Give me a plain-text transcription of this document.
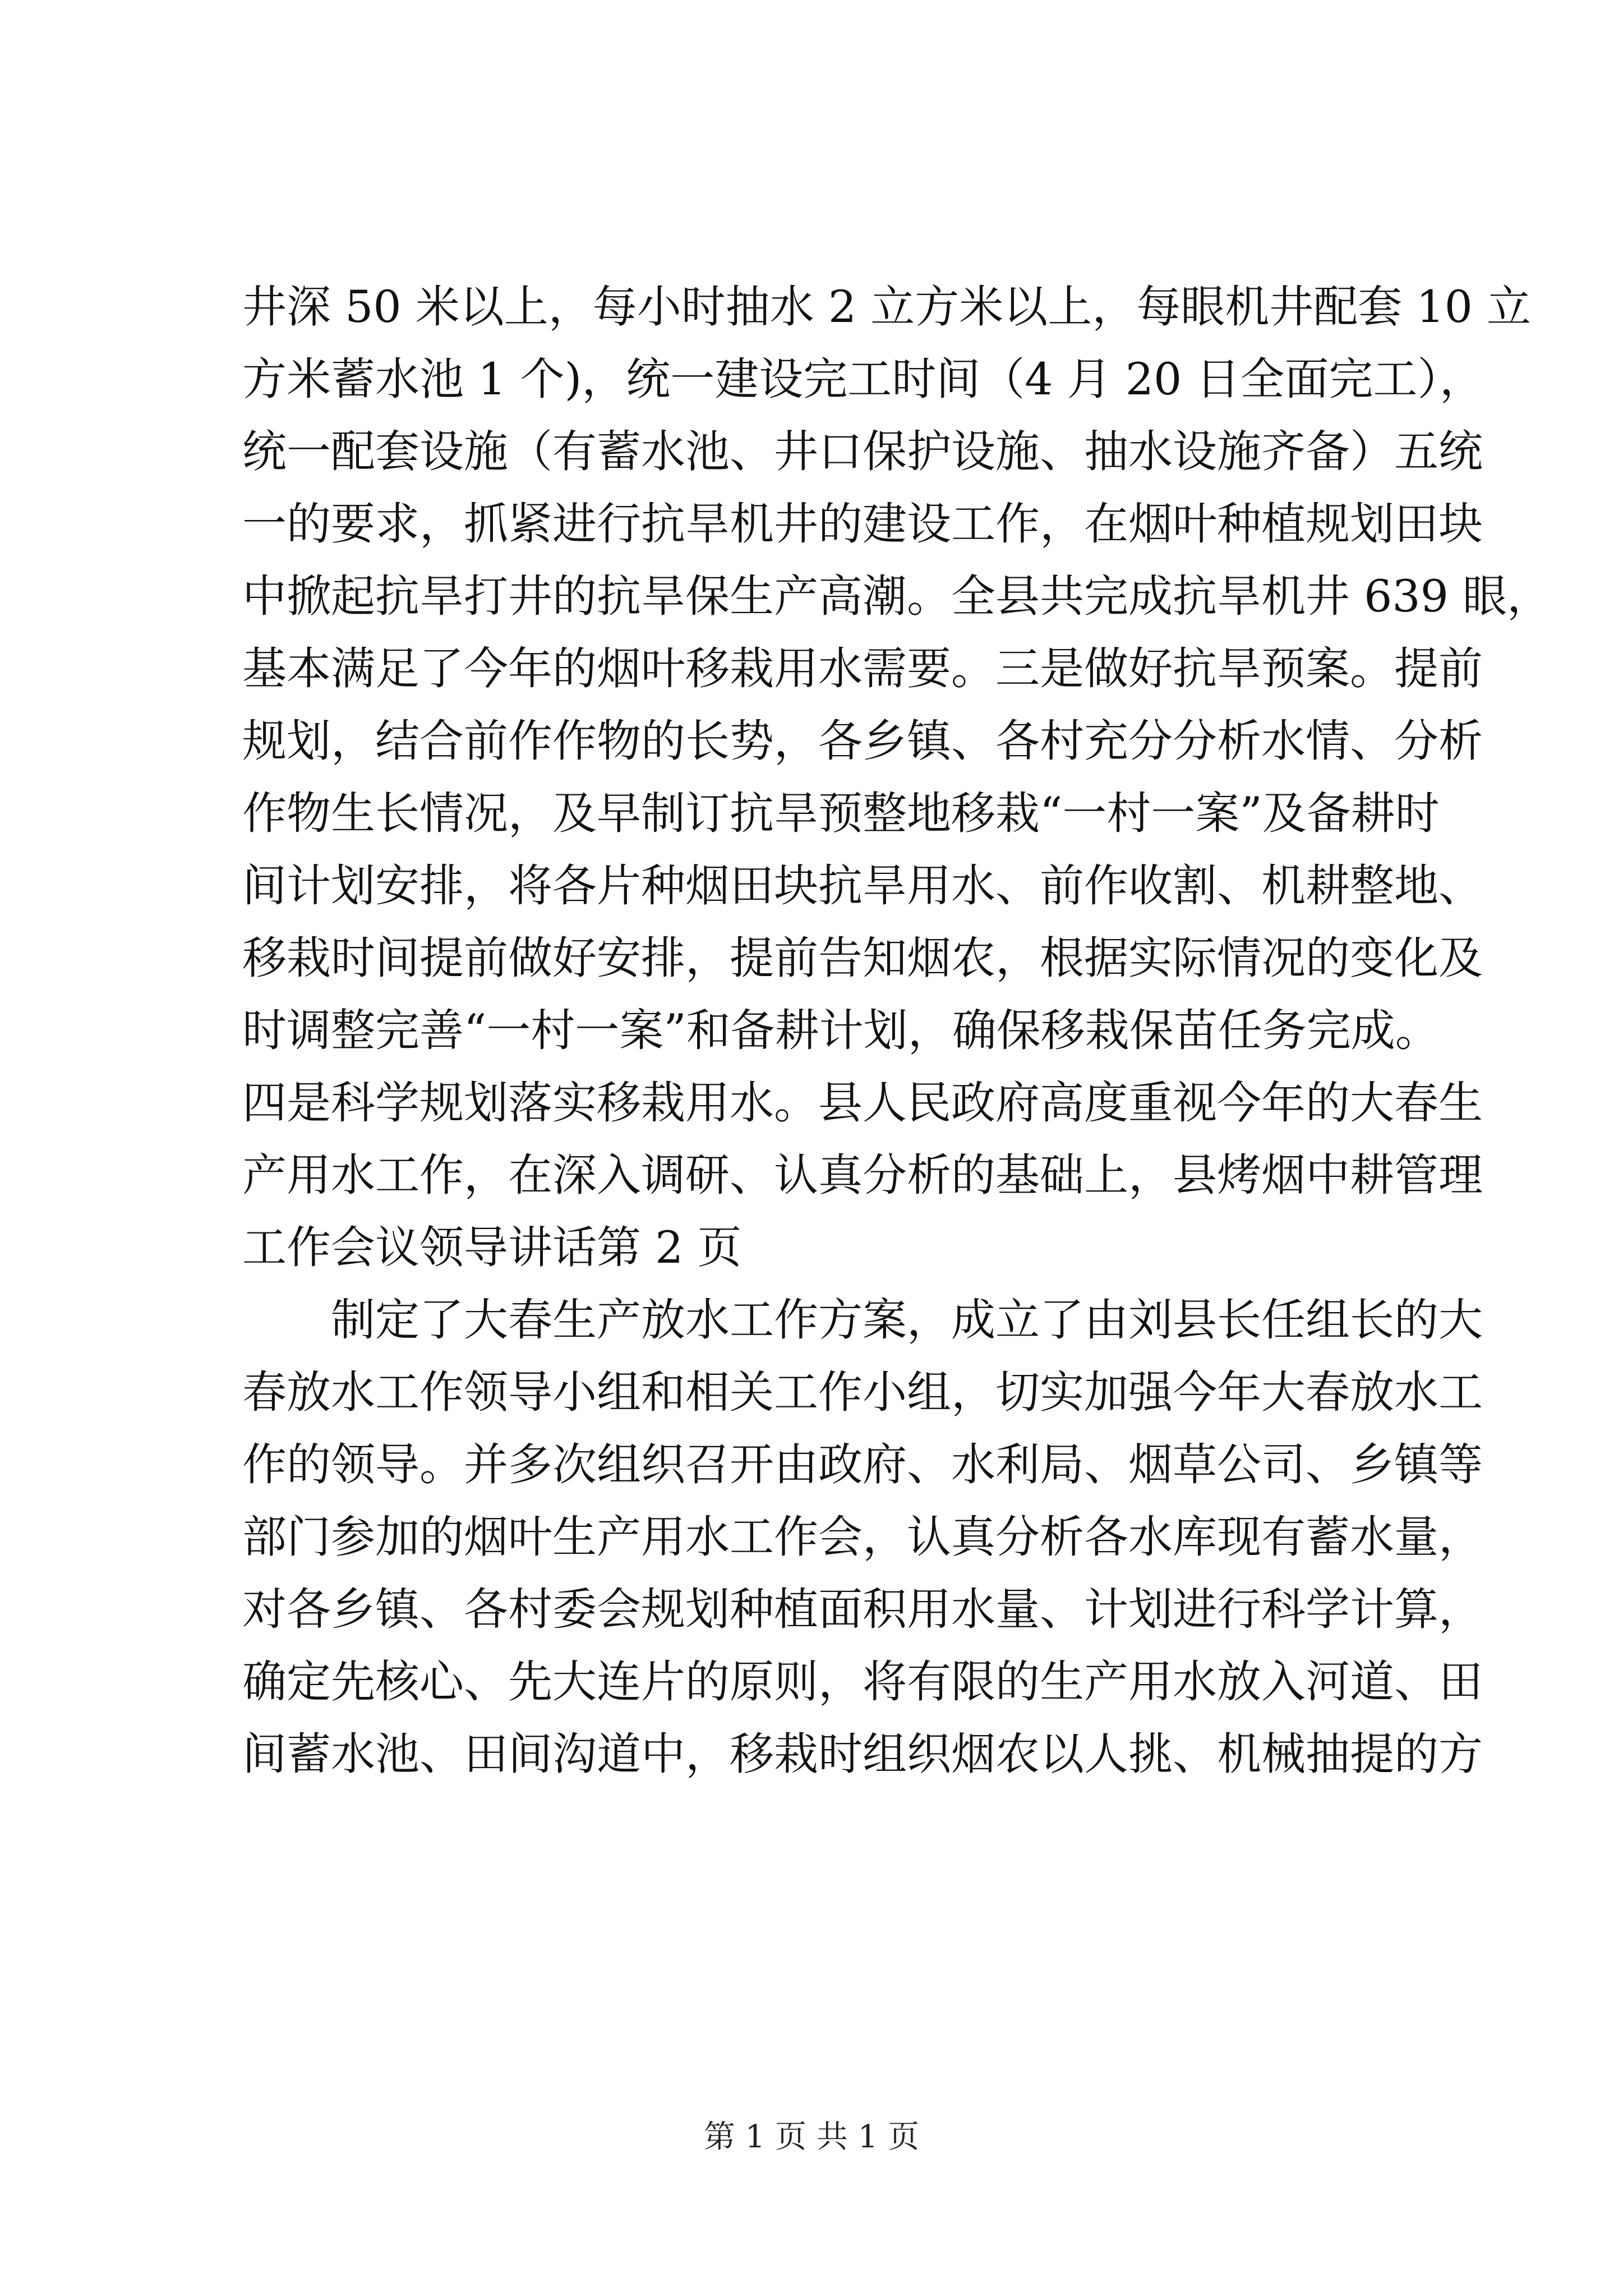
井深 50 米以上，每小时抽水 2 立方米以上，每眼机井配套 10 立
方米蓄水池 1 个)，统一建设完工时间（4 月 20 日全面完工），
统一配套设施（有蓄水池、井口保护设施、抽水设施齐备）五统
一的要求，抓紧进行抗旱机井的建设工作，在烟叶种植规划田块
中掀起抗旱打井的抗旱保生产高潮。全县共完成抗旱机井 639 眼，
基本满足了今年的烟叶移栽用水需要。三是做好抗旱预案。提前
规划，结合前作作物的长势，各乡镇、各村充分分析水情、分析
作物生长情况，及早制订抗旱预整地移栽“一村一案”及备耕时
间计划安排，将各片种烟田块抗旱用水、前作收割、机耕整地、
移栽时间提前做好安排，提前告知烟农，根据实际情况的变化及
时调整完善“一村一案”和备耕计划，确保移栽保苗任务完成。
四是科学规划落实移栽用水。县人民政府高度重视今年的大春生
产用水工作，在深入调研、认真分析的基础上，县烤烟中耕管理
工作会议领导讲话第 2 页
制定了大春生产放水工作方案，成立了由刘县长任组长的大
春放水工作领导小组和相关工作小组，切实加强今年大春放水工
作的领导。并多次组织召开由政府、水利局、烟草公司、乡镇等
部门参加的烟叶生产用水工作会，认真分析各水库现有蓄水量，
对各乡镇、各村委会规划种植面积用水量、计划进行科学计算，
确定先核心、先大连片的原则，将有限的生产用水放入河道、田
间蓄水池、田间沟道中，移栽时组织烟农以人挑、机械抽提的方
第 1 页 共 1 页
